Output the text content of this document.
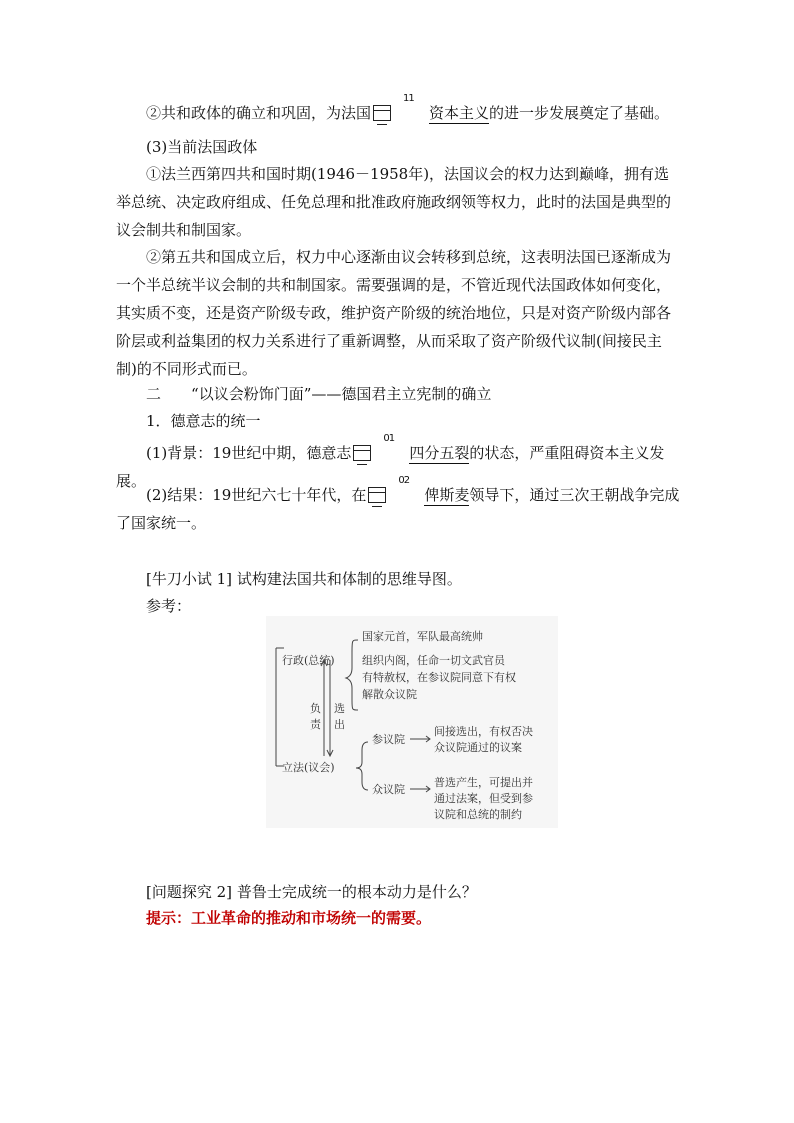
②共和政体的确立和巩固，为法国
11
资本主义的进一步发展奠定了基础。

(3)当前法国政体

①法兰西第四共和国时期(1946－1958年)，法国议会的权力达到巅峰，拥有选举总统、决定政府组成、任免总理和批准政府施政纲领等权力，此时的法国是典型的议会制共和制国家。

②第五共和国成立后，权力中心逐渐由议会转移到总统，这表明法国已逐渐成为一个半总统半议会制的共和制国家。需要强调的是，不管近现代法国政体如何变化，其实质不变，还是资产阶级专政，维护资产阶级的统治地位，只是对资产阶级内部各阶层或利益集团的权力关系进行了重新调整，从而采取了资产阶级代议制(间接民主制)的不同形式而已。

二　　 “以议会粉饰门面”——德国君主立宪制的确立

1．德意志的统一

(1)背景：19世纪中期，德意志
01
四分五裂的状态，严重阻碍资本主义发展。

(2)结果：19世纪六七十年代，在
02
俾斯麦领导下，通过三次王朝战争完成了国家统一。

[牛刀小试 1] 试构建法国共和体制的思维导图。

参考：

行政(总统)
立法(议会)
国家元首，军队最高统帅
组织内阁，任命一切文武官员
有特赦权，在参议院同意下有权
解散众议院
负
责
选
出
参议院
间接选出，有权否决
众议院通过的议案
众议院
普选产生，可提出并
通过法案，但受到参
议院和总统的制约

[问题探究 2] 普鲁士完成统一的根本动力是什么？

提示：工业革命的推动和市场统一的需要。
